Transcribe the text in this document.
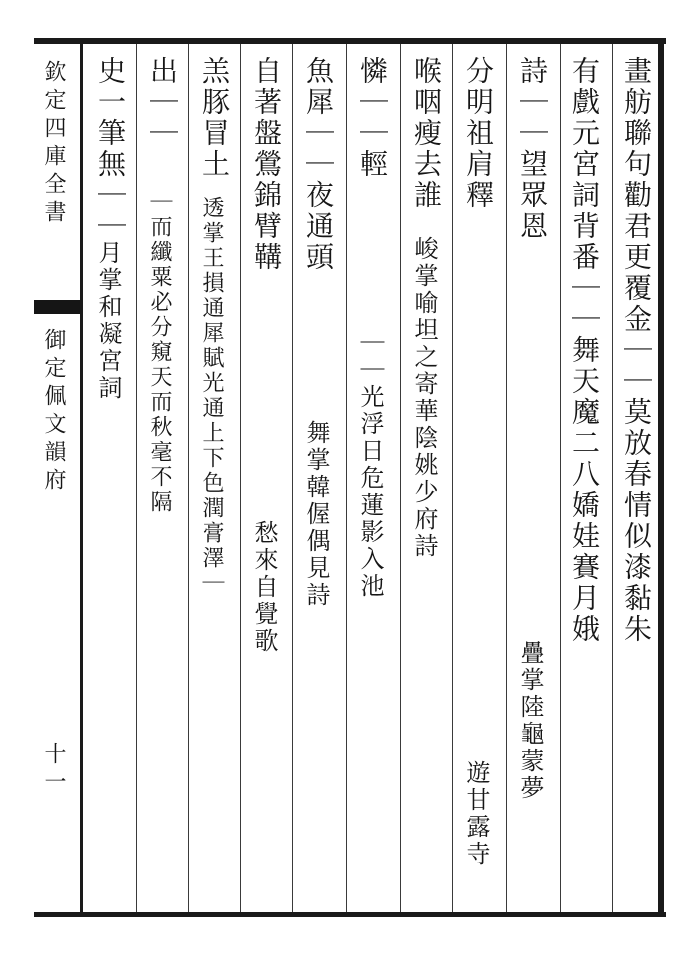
欽定四庫全書
御定佩文韻府
十一
畫舫聯句勸君更覆金｜｜莫放春情似漆黏朱
有戲元宮詞背番｜｜舞天魔二八嬌娃賽月娥
詩｜｜望眾恩
疊掌陸龜蒙夢
分明祖肩釋
遊甘露寺
喉咽瘦去誰
峻掌喻坦之寄華陰姚少府詩
憐｜｜輕
｜｜光浮日危蓮影入池
魚犀｜｜夜通頭
舞掌韓偓偶見詩
自著盤鶯錦臂鞲
愁來自覺歌
羔豚冒土
透掌王損通犀賦光通上下色潤膏澤｜
出｜｜
｜而纖粟必分窺天而秋毫不隔
史一筆無｜｜
月掌和凝宮詞
